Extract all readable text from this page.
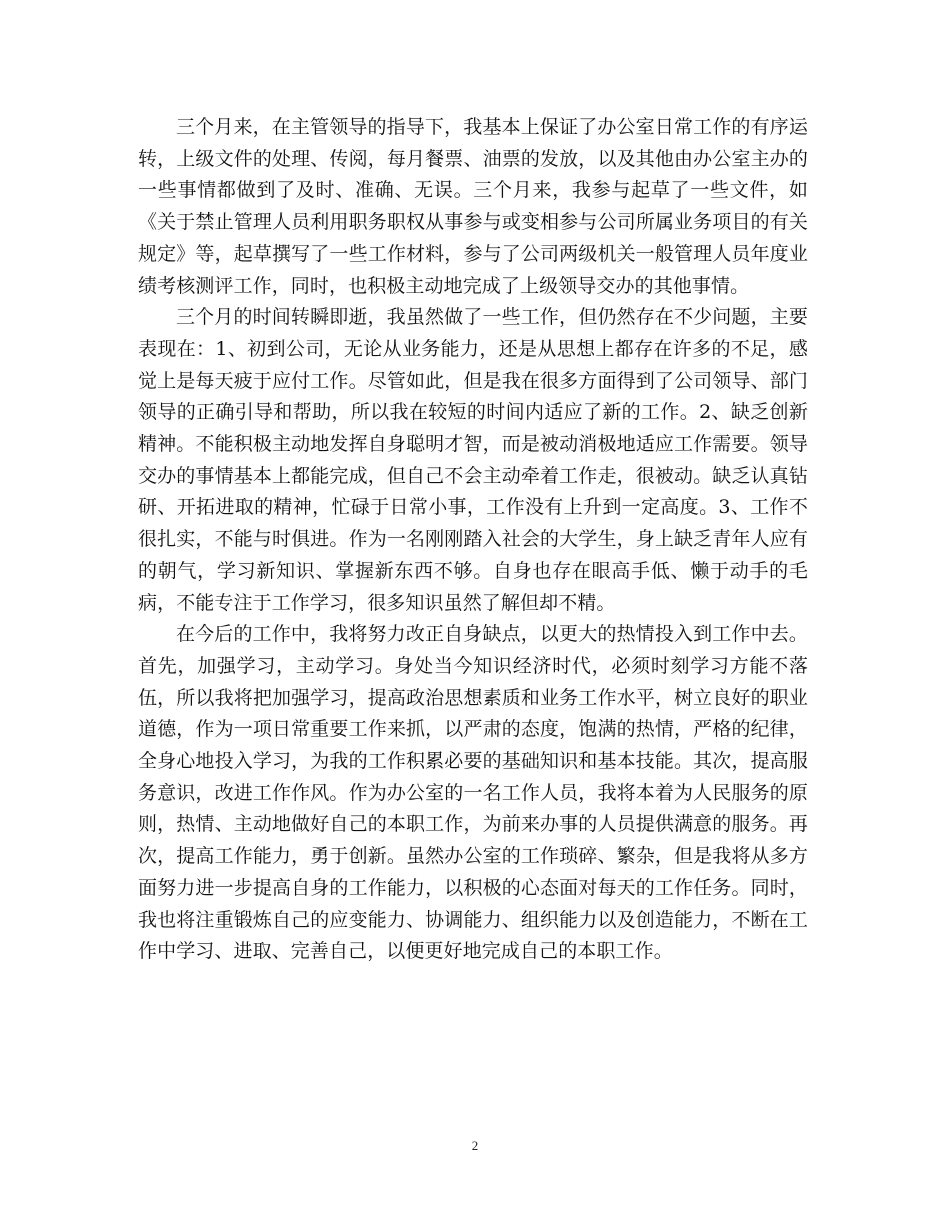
三个月来，在主管领导的指导下，我基本上保证了办公室日常工作的有序运转，上级文件的处理、传阅，每月餐票、油票的发放，以及其他由办公室主办的一些事情都做到了及时、准确、无误。三个月来，我参与起草了一些文件，如《关于禁止管理人员利用职务职权从事参与或变相参与公司所属业务项目的有关规定》等，起草撰写了一些工作材料，参与了公司两级机关一般管理人员年度业绩考核测评工作，同时，也积极主动地完成了上级领导交办的其他事情。

三个月的时间转瞬即逝，我虽然做了一些工作，但仍然存在不少问题，主要表现在：1、初到公司，无论从业务能力，还是从思想上都存在许多的不足，感觉上是每天疲于应付工作。尽管如此，但是我在很多方面得到了公司领导、部门领导的正确引导和帮助，所以我在较短的时间内适应了新的工作。2、缺乏创新精神。不能积极主动地发挥自身聪明才智，而是被动消极地适应工作需要。领导交办的事情基本上都能完成，但自己不会主动牵着工作走，很被动。缺乏认真钻研、开拓进取的精神，忙碌于日常小事，工作没有上升到一定高度。3、工作不很扎实，不能与时俱进。作为一名刚刚踏入社会的大学生，身上缺乏青年人应有的朝气，学习新知识、掌握新东西不够。自身也存在眼高手低、懒于动手的毛病，不能专注于工作学习，很多知识虽然了解但却不精。

在今后的工作中，我将努力改正自身缺点，以更大的热情投入到工作中去。首先，加强学习，主动学习。身处当今知识经济时代，必须时刻学习方能不落伍，所以我将把加强学习，提高政治思想素质和业务工作水平，树立良好的职业道德，作为一项日常重要工作来抓，以严肃的态度，饱满的热情，严格的纪律，全身心地投入学习，为我的工作积累必要的基础知识和基本技能。其次，提高服务意识，改进工作作风。作为办公室的一名工作人员，我将本着为人民服务的原则，热情、主动地做好自己的本职工作，为前来办事的人员提供满意的服务。再次，提高工作能力，勇于创新。虽然办公室的工作琐碎、繁杂，但是我将从多方面努力进一步提高自身的工作能力，以积极的心态面对每天的工作任务。同时，我也将注重锻炼自己的应变能力、协调能力、组织能力以及创造能力，不断在工作中学习、进取、完善自己，以便更好地完成自己的本职工作。

2
